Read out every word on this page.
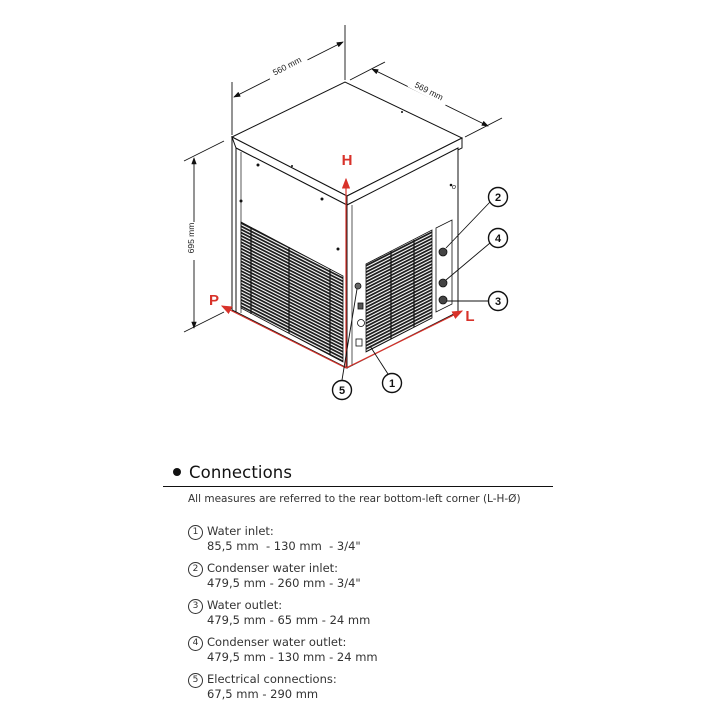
560 mm
569 mm
695 mm
o
H
P
L
2
4
3
5
1
Connections
All measures are referred to the rear bottom-left corner (L-H-Ø)
1 Water inlet:
85,5 mm  - 130 mm  - 3/4"
2 Condenser water inlet:
479,5 mm - 260 mm - 3/4"
3 Water outlet:
479,5 mm - 65 mm - 24 mm
4 Condenser water outlet:
479,5 mm - 130 mm - 24 mm
5 Electrical connections:
67,5 mm - 290 mm
